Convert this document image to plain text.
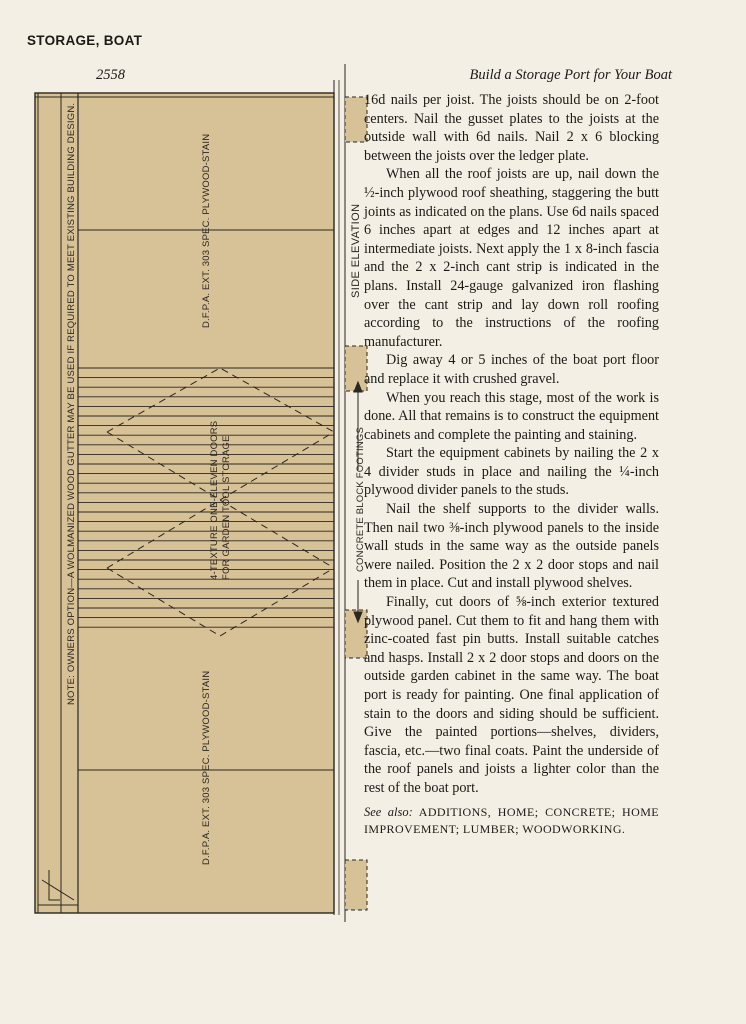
STORAGE, BOAT
2558	Build a Storage Port for Your Boat
NOTE: OWNERS OPTION—A WOLMANIZED WOOD GUTTER MAY BE USED IF REQUIRED TO MEET EXISTING BUILDING DESIGN.	D.F.P.A. EXT. 303 SPEC. PLYWOOD-STAIN
D.F.P.A. EXT. 303 SPEC. PLYWOOD-STAIN
4-TEXTURE ONE-ELEVEN DOORS FOR GARDEN TOOL STORAGE
SIDE ELEVATION
CONCRETE BLOCK FOOTINGS

16d nails per joist. The joists should be on 2-foot centers. Nail the gusset plates to the joists at the outside wall with 6d nails. Nail 2 x 6 blocking between the joists over the ledger plate.

When all the roof joists are up, nail down the ½-inch plywood roof sheathing, staggering the butt joints as indicated on the plans. Use 6d nails spaced 6 inches apart at edges and 12 inches apart at intermediate joists. Next apply the 1 x 8-inch fascia and the 2 x 2-inch cant strip is indicated in the plans. Install 24-gauge galvanized iron flashing over the cant strip and lay down roll roofing according to the instructions of the roofing manufacturer.

Dig away 4 or 5 inches of the boat port floor and replace it with crushed gravel.

When you reach this stage, most of the work is done. All that remains is to construct the equipment cabinets and complete the painting and staining.

Start the equipment cabinets by nailing the 2 x 4 divider studs in place and nailing the ¼-inch plywood divider panels to the studs.

Nail the shelf supports to the divider walls. Then nail two ⅜-inch plywood panels to the inside wall studs in the same way as the outside panels were nailed. Position the 2 x 2 door stops and nail them in place. Cut and install plywood shelves.

Finally, cut doors of ⅝-inch exterior textured plywood panel. Cut them to fit and hang them with zinc-coated fast pin butts. Install suitable catches and hasps. Install 2 x 2 door stops and doors on the outside garden cabinet in the same way. The boat port is ready for painting. One final application of stain to the doors and siding should be sufficient. Give the painted portions—shelves, dividers, fascia, etc.—two final coats. Paint the underside of the roof panels and joists a lighter color than the rest of the boat port.

See also: ADDITIONS, HOME; CONCRETE; HOME IMPROVEMENT; LUMBER; WOODWORKING.
